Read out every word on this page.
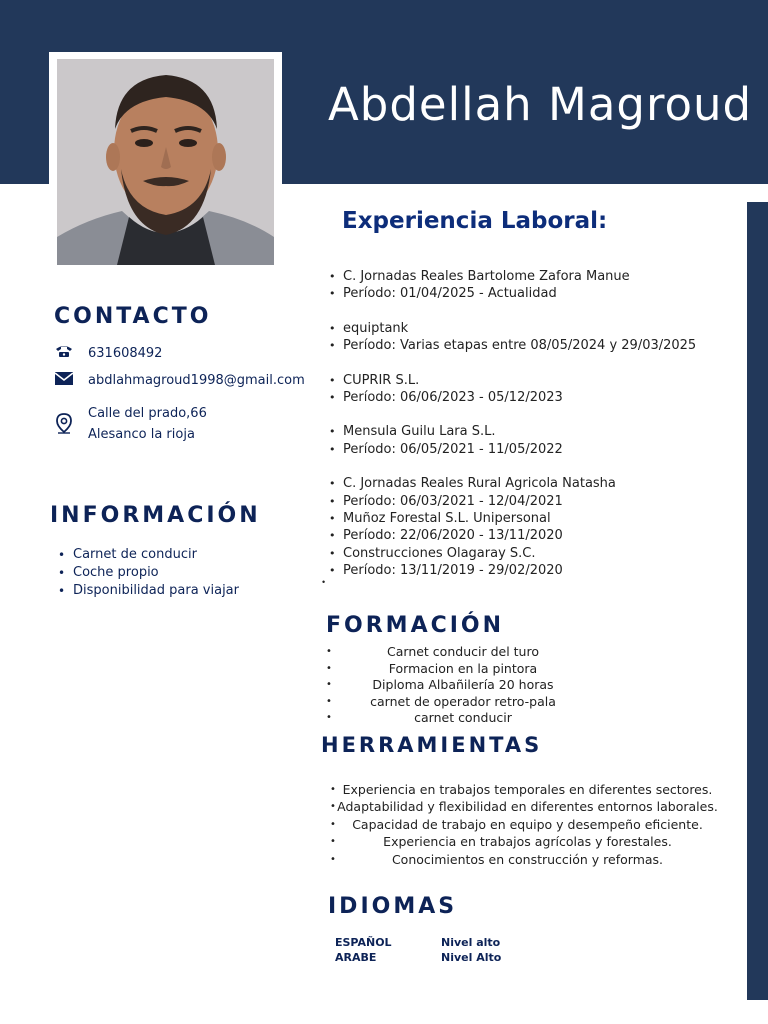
Abdellah Magroud
CONTACTO
631608492
abdlahmagroud1998@gmail.com
Calle del prado,66
Alesanco la rioja
INFORMACIÓN
• Carnet de conducir
• Coche propio
• Disponibilidad para viajar
Experiencia Laboral:
• C. Jornadas Reales Bartolome Zafora Manue
• Período: 01/04/2025 - Actualidad
• equiptank
• Período: Varias etapas entre 08/05/2024 y 29/03/2025
• CUPRIR S.L.
• Período: 06/06/2023 - 05/12/2023
• Mensula Guilu Lara S.L.
• Período: 06/05/2021 - 11/05/2022
• C. Jornadas Reales Rural Agricola Natasha
• Período: 06/03/2021 - 12/04/2021
• Muñoz Forestal S.L. Unipersonal
• Período: 22/06/2020 - 13/11/2020
• Construcciones Olagaray S.C.
• Período: 13/11/2019 - 29/02/2020
•
FORMACIÓN
• Carnet conducir del turo
• Formacion en la pintora
• Diploma Albañilería 20 horas
• carnet de operador retro-pala
• carnet conducir
HERRAMIENTAS
• Experiencia en trabajos temporales en diferentes sectores.
• Adaptabilidad y flexibilidad en diferentes entornos laborales.
• Capacidad de trabajo en equipo y desempeño eficiente.
• Experiencia en trabajos agrícolas y forestales.
• Conocimientos en construcción y reformas.
IDIOMAS
ESPAÑOL	Nivel alto
ARABE	Nivel Alto
